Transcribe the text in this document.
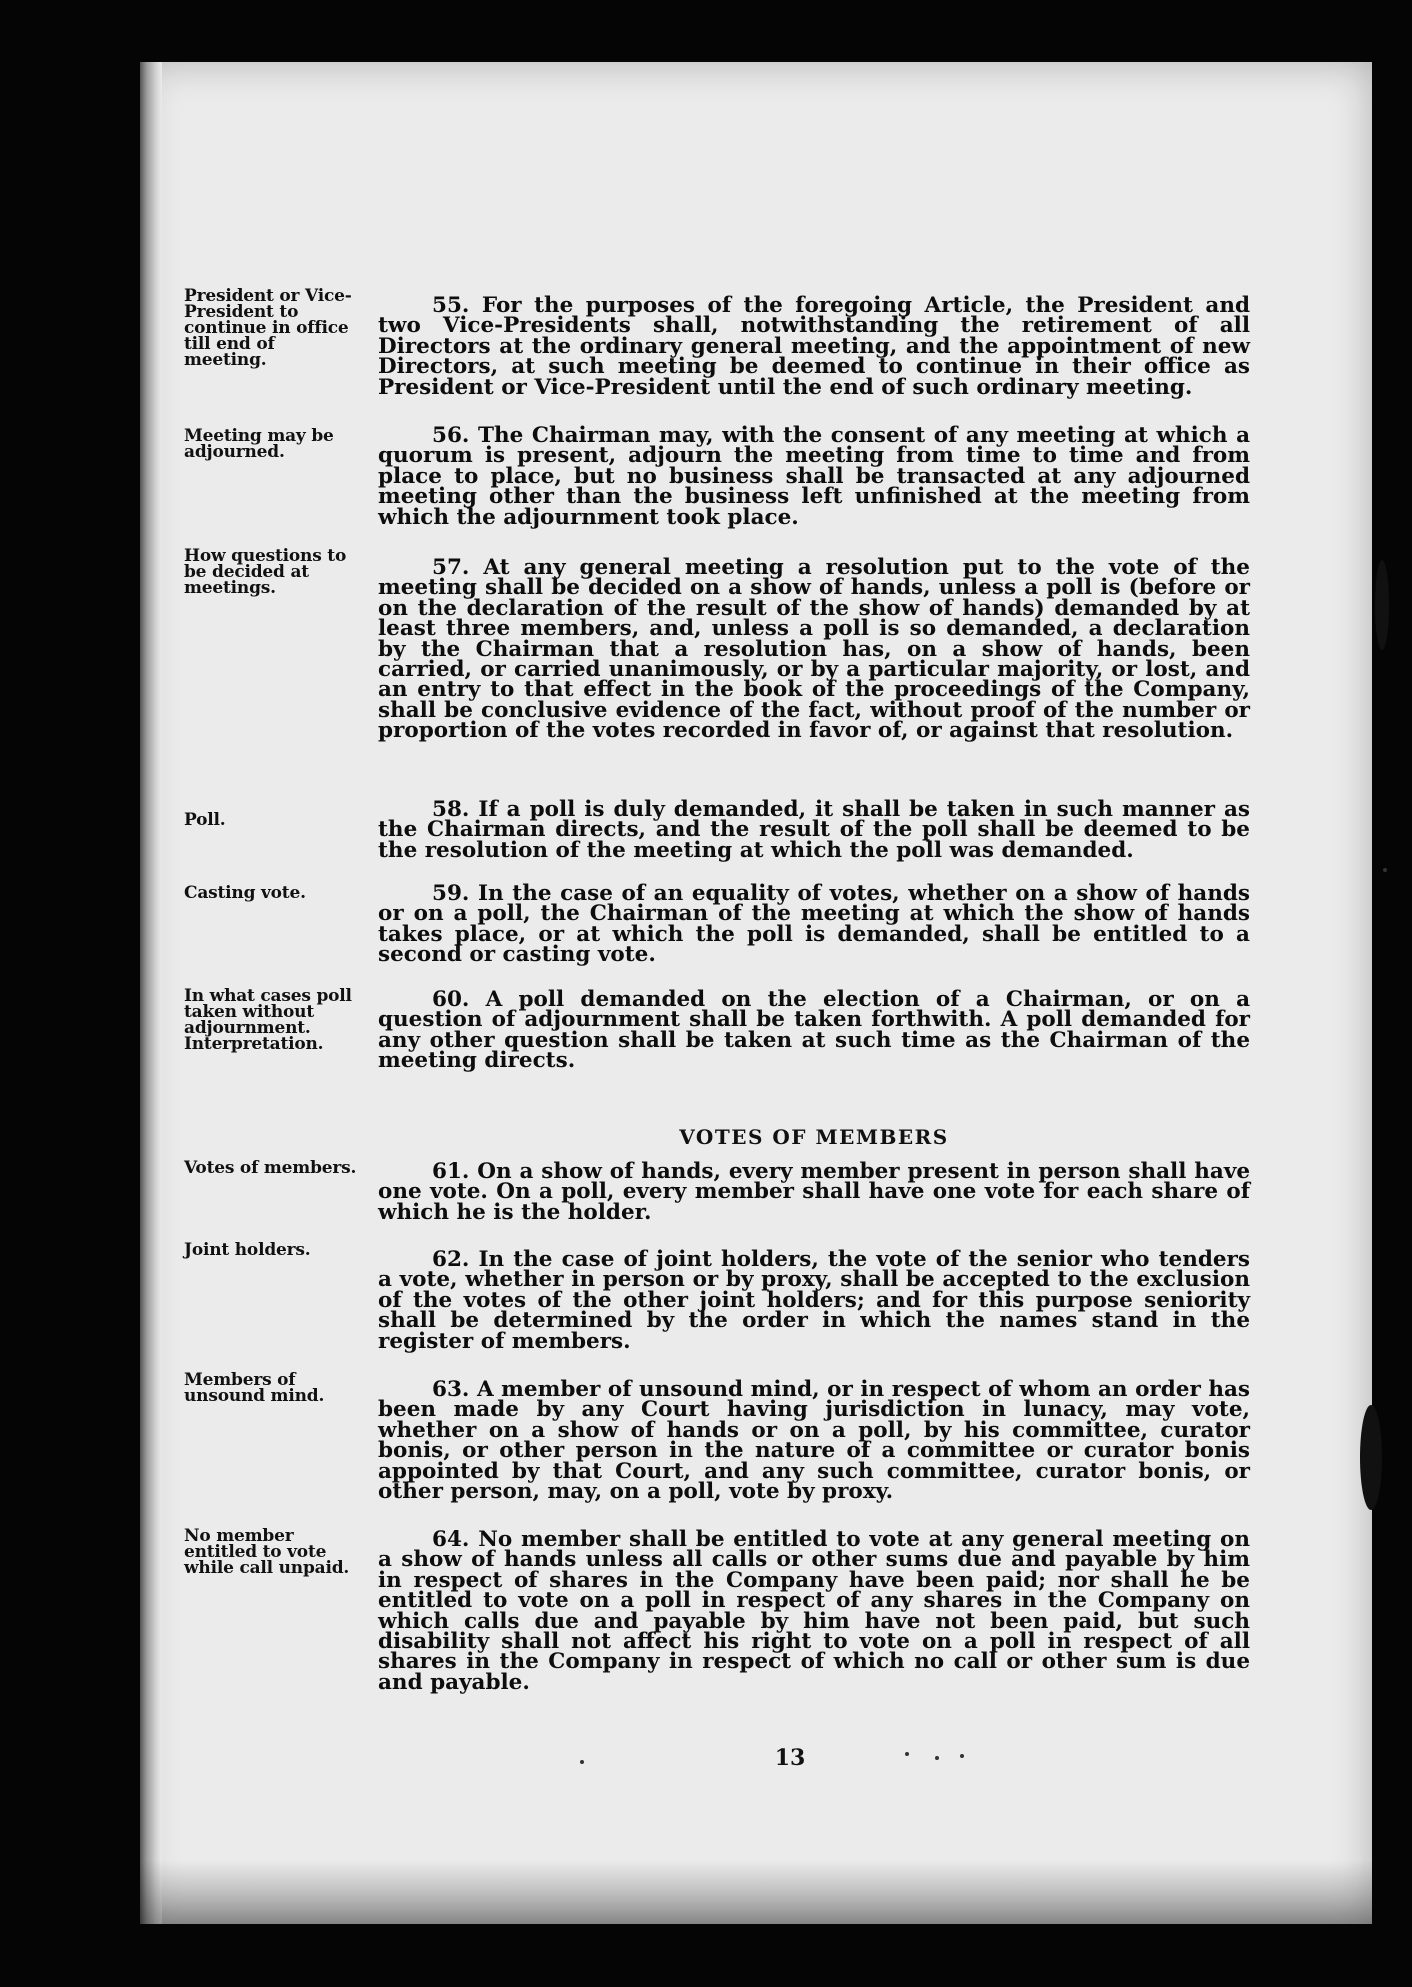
President or Vice-President to continue in office till end of meeting.
Meeting may be adjourned.
How questions to be decided at meetings.
Poll.
Casting vote.
In what cases poll taken without adjournment. Interpretation.
Votes of members.
Joint holders.
Members of unsound mind.
No member entitled to vote while call unpaid.
55. For the purposes of the foregoing Article, the President and two Vice-Presidents shall, notwithstanding the retirement of all Directors at the ordinary general meeting, and the appointment of new Directors, at such meeting be deemed to continue in their office as President or Vice-President until the end of such ordinary meeting.
56. The Chairman may, with the consent of any meeting at which a quorum is present, adjourn the meeting from time to time and from place to place, but no business shall be transacted at any adjourned meeting other than the business left unfinished at the meeting from which the adjournment took place.
57. At any general meeting a resolution put to the vote of the meeting shall be decided on a show of hands, unless a poll is (before or on the declaration of the result of the show of hands) demanded by at least three members, and, unless a poll is so demanded, a declaration by the Chairman that a resolution has, on a show of hands, been carried, or carried unanimously, or by a particular majority, or lost, and an entry to that effect in the book of the proceedings of the Company, shall be conclusive evidence of the fact, without proof of the number or proportion of the votes recorded in favor of, or against that resolution.
58. If a poll is duly demanded, it shall be taken in such manner as the Chairman directs, and the result of the poll shall be deemed to be the resolution of the meeting at which the poll was demanded.
59. In the case of an equality of votes, whether on a show of hands or on a poll, the Chairman of the meeting at which the show of hands takes place, or at which the poll is demanded, shall be entitled to a second or casting vote.
60. A poll demanded on the election of a Chairman, or on a question of adjournment shall be taken forthwith. A poll demanded for any other question shall be taken at such time as the Chairman of the meeting directs.
VOTES OF MEMBERS
61. On a show of hands, every member present in person shall have one vote. On a poll, every member shall have one vote for each share of which he is the holder.
62. In the case of joint holders, the vote of the senior who tenders a vote, whether in person or by proxy, shall be accepted to the exclusion of the votes of the other joint holders; and for this purpose seniority shall be determined by the order in which the names stand in the register of members.
63. A member of unsound mind, or in respect of whom an order has been made by any Court having jurisdiction in lunacy, may vote, whether on a show of hands or on a poll, by his committee, curator bonis, or other person in the nature of a committee or curator bonis appointed by that Court, and any such committee, curator bonis, or other person, may, on a poll, vote by proxy.
64. No member shall be entitled to vote at any general meeting on a show of hands unless all calls or other sums due and payable by him in respect of shares in the Company have been paid; nor shall he be entitled to vote on a poll in respect of any shares in the Company on which calls due and payable by him have not been paid, but such disability shall not affect his right to vote on a poll in respect of all shares in the Company in respect of which no call or other sum is due and payable.
13
